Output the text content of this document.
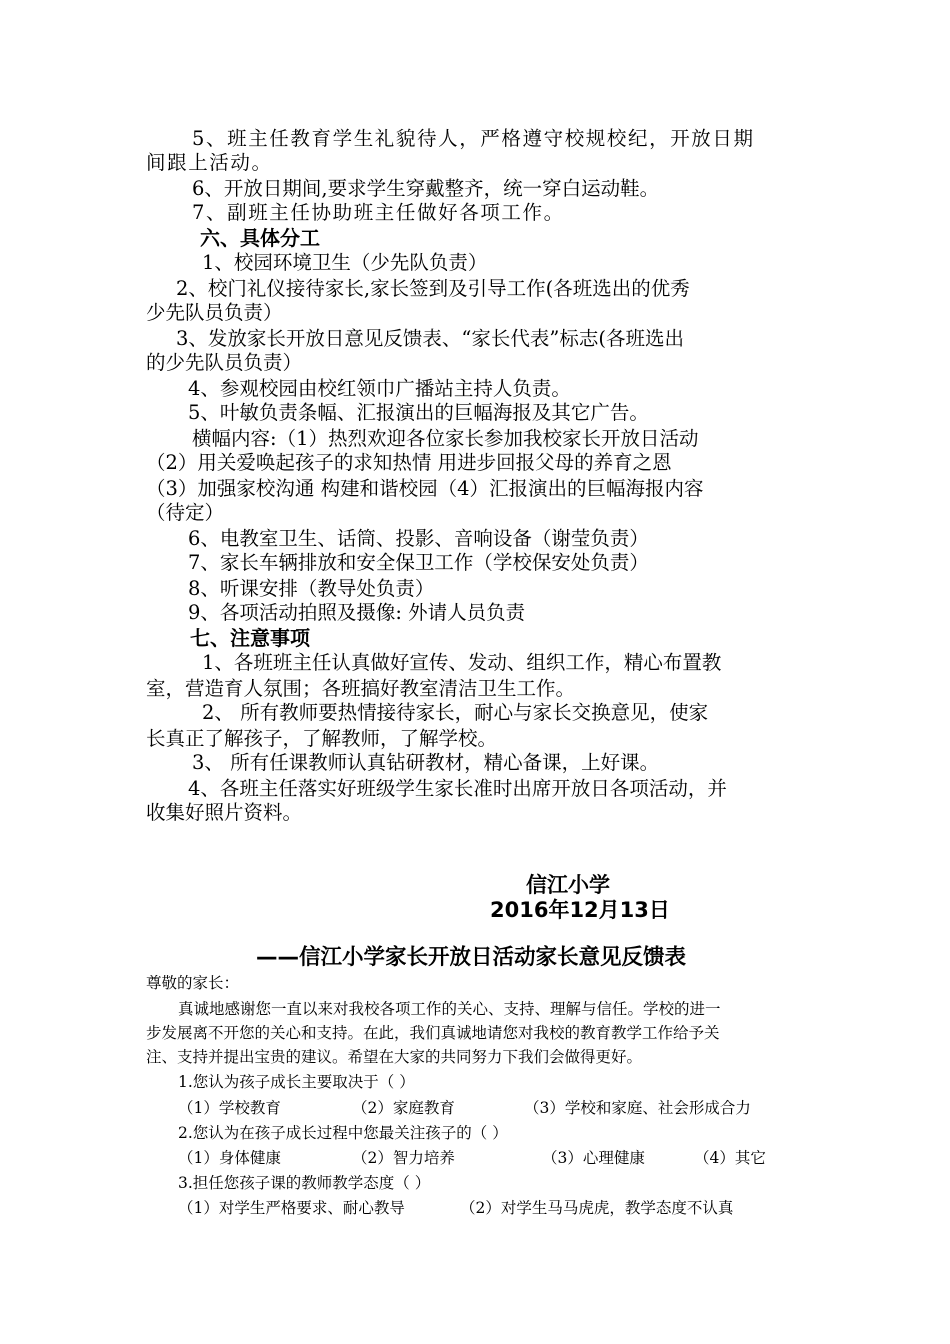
5、班主任教育学生礼貌待人，严格遵守校规校纪，开放日期
间跟上活动。
6、开放日期间,要求学生穿戴整齐，统一穿白运动鞋。
7、副班主任协助班主任做好各项工作。
六、具体分工
1、校园环境卫生（少先队负责）
2、校门礼仪接待家长,家长签到及引导工作(各班选出的优秀
少先队员负责）
3、发放家长开放日意见反馈表、“家长代表”标志(各班选出
的少先队员负责）
4、参观校园由校红领巾广播站主持人负责。
5、叶敏负责条幅、汇报演出的巨幅海报及其它广告。
横幅内容:（1）热烈欢迎各位家长参加我校家长开放日活动
（2）用关爱唤起孩子的求知热情 用进步回报父母的养育之恩
（3）加强家校沟通 构建和谐校园（4）汇报演出的巨幅海报内容
（待定）
6、电教室卫生、话筒、投影、音响设备（谢莹负责）
7、家长车辆排放和安全保卫工作（学校保安处负责）
8、听课安排（教导处负责）
9、各项活动拍照及摄像: 外请人员负责
七、注意事项
1、各班班主任认真做好宣传、发动、组织工作，精心布置教
室，营造育人氛围；各班搞好教室清洁卫生工作。
2、 所有教师要热情接待家长，耐心与家长交换意见，使家
长真正了解孩子，了解教师，了解学校。
3、 所有任课教师认真钻研教材，精心备课，上好课。
4、各班主任落实好班级学生家长准时出席开放日各项活动，并
收集好照片资料。
信江小学
2016年12月13日
——信江小学家长开放日活动家长意见反馈表
尊敬的家长：
真诚地感谢您一直以来对我校各项工作的关心、支持、理解与信任。学校的进一
步发展离不开您的关心和支持。在此，我们真诚地请您对我校的教育教学工作给予关
注、支持并提出宝贵的建议。希望在大家的共同努力下我们会做得更好。
1.您认为孩子成长主要取决于（ ）
（1）学校教育	（2）家庭教育	（3）学校和家庭、社会形成合力
2.您认为在孩子成长过程中您最关注孩子的（ ）
（1）身体健康	（2）智力培养	（3）心理健康	（4）其它
3.担任您孩子课的教师教学态度（ ）
（1）对学生严格要求、耐心教导	（2）对学生马马虎虎，教学态度不认真
